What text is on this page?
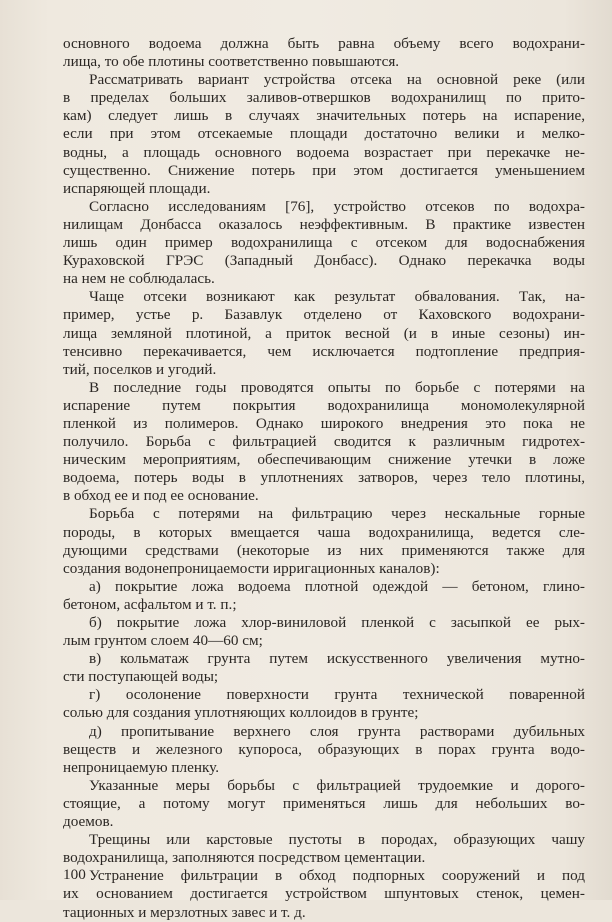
основного водоема должна быть равна объему всего водохрани-
лища, то обе плотины соответственно повышаются.
Рассматривать вариант устройства отсека на основной реке (или
в пределах больших заливов-отвершков водохранилищ по прито-
кам) следует лишь в случаях значительных потерь на испарение,
если при этом отсекаемые площади достаточно велики и мелко-
водны, а площадь основного водоема возрастает при перекачке не-
существенно. Снижение потерь при этом достигается уменьшением
испаряющей площади.
Согласно исследованиям [76], устройство отсеков по водохра-
нилищам Донбасса оказалось неэффективным. В практике известен
лишь один пример водохранилища с отсеком для водоснабжения
Кураховской ГРЭС (Западный Донбасс). Однако перекачка воды
на нем не соблюдалась.
Чаще отсеки возникают как результат обвалования. Так, на-
пример, устье р. Базавлук отделено от Каховского водохрани-
лища земляной плотиной, а приток весной (и в иные сезоны) ин-
тенсивно перекачивается, чем исключается подтопление предприя-
тий, поселков и угодий.
В последние годы проводятся опыты по борьбе с потерями на
испарение путем покрытия водохранилища мономолекулярной
пленкой из полимеров. Однако широкого внедрения это пока не
получило. Борьба с фильтрацией сводится к различным гидротех-
ническим мероприятиям, обеспечивающим снижение утечки в ложе
водоема, потерь воды в уплотнениях затворов, через тело плотины,
в обход ее и под ее основание.
Борьба с потерями на фильтрацию через нескальные горные
породы, в которых вмещается чаша водохранилища, ведется сле-
дующими средствами (некоторые из них применяются также для
создания водонепроницаемости ирригационных каналов):
а) покрытие ложа водоема плотной одеждой — бетоном, глино-
бетоном, асфальтом и т. п.;
б) покрытие ложа хлор-виниловой пленкой с засыпкой ее рых-
лым грунтом слоем 40—60 см;
в) кольматаж грунта путем искусственного увеличения мутно-
сти поступающей воды;
г) осолонение поверхности грунта технической поваренной
солью для создания уплотняющих коллоидов в грунте;
д) пропитывание верхнего слоя грунта растворами дубильных
веществ и железного купороса, образующих в порах грунта водо-
непроницаемую пленку.
Указанные меры борьбы с фильтрацией трудоемкие и дорого-
стоящие, а потому могут применяться лишь для небольших во-
доемов.
Трещины или карстовые пустоты в породах, образующих чашу
водохранилища, заполняются посредством цементации.
Устранение фильтрации в обход подпорных сооружений и под
их основанием достигается устройством шпунтовых стенок, цемен-
тационных и мерзлотных завес и т. д.
100
